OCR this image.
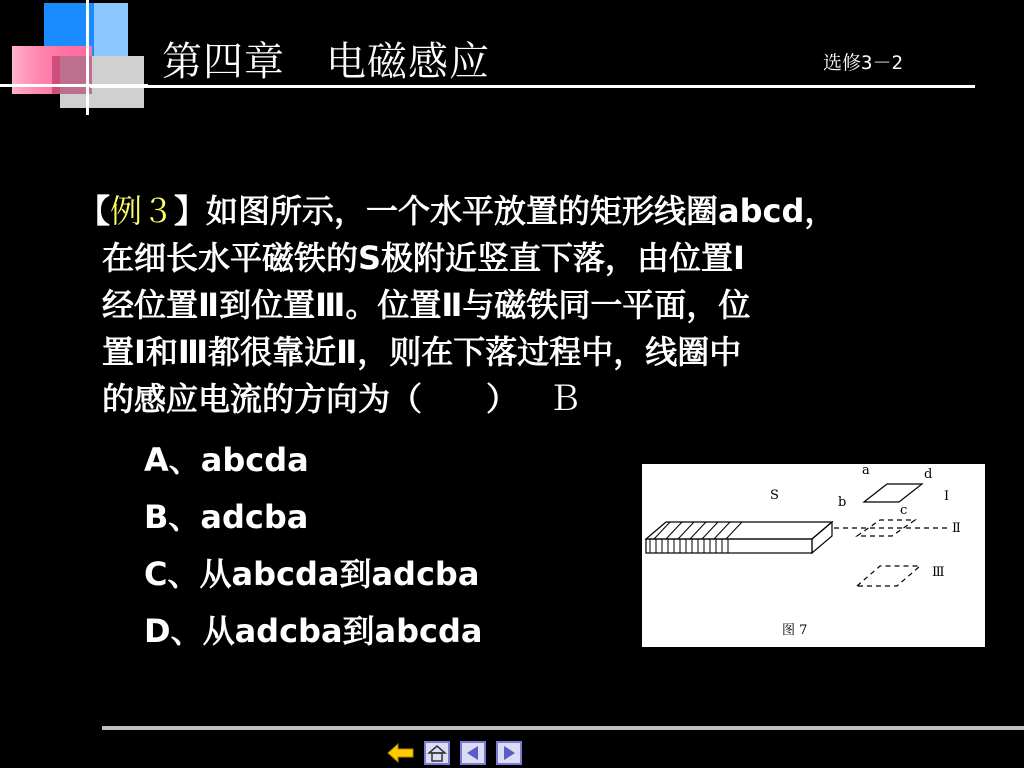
第四章　电磁感应	选修3－2

【例３】如图所示，一个水平放置的矩形线圈abcd，

在细长水平磁铁的S极附近竖直下落，由位置Ⅰ

经位置Ⅱ到位置Ⅲ。位置Ⅱ与磁铁同一平面，位

置Ⅰ和Ⅲ都很靠近Ⅱ，则在下落过程中，线圈中

的感应电流的方向为（　　） Ｂ

A、abcda
B、adcba
C、从abcda到adcba
D、从adcba到abcda
a
b
d
c
S	Ⅰ
Ⅱ
Ⅲ
图 7
